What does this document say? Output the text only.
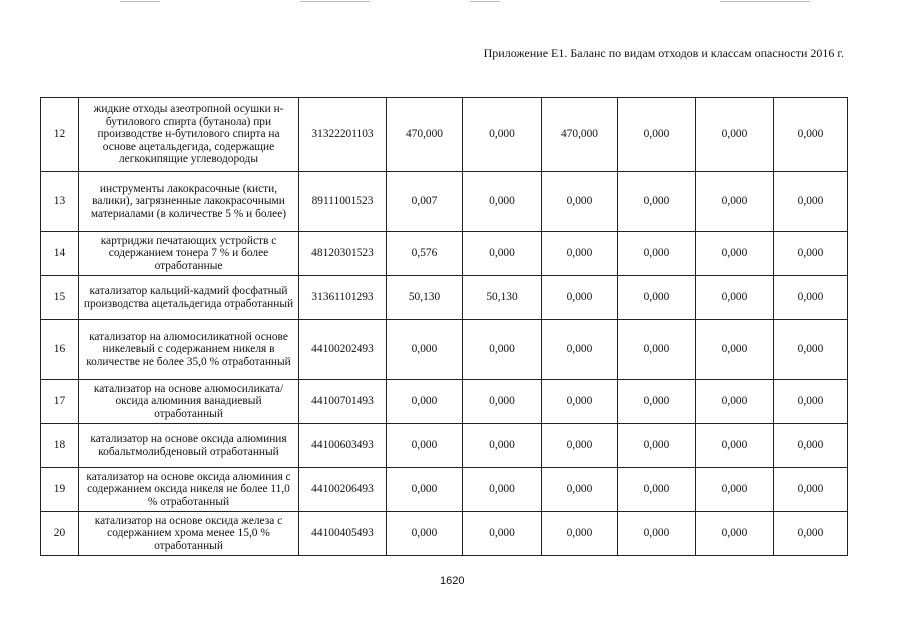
Приложение Е1. Баланс по видам отходов и классам опасности 2016 г.
12	жидкие отходы азеотропной осушки н-бутилового спирта (бутанола) при производстве н-бутилового спирта на основе ацетальдегида, содержащие легкокипящие углеводороды	31322201103	470,000	0,000	470,000	0,000	0,000	0,000
13	инструменты лакокрасочные (кисти, валики), загрязненные лакокрасочными материалами (в количестве 5 % и более)	89111001523	0,007	0,000	0,000	0,000	0,000	0,000
14	картриджи печатающих устройств с содержанием тонера 7 % и более отработанные	48120301523	0,576	0,000	0,000	0,000	0,000	0,000
15	катализатор кальций-кадмий фосфатный производства ацетальдегида отработанный	31361101293	50,130	50,130	0,000	0,000	0,000	0,000
16	катализатор на алюмосиликатной основе никелевый с содержанием никеля в количестве не более 35,0 % отработанный	44100202493	0,000	0,000	0,000	0,000	0,000	0,000
17	катализатор на основе алюмосиликата/оксида алюминия ванадиевый отработанный	44100701493	0,000	0,000	0,000	0,000	0,000	0,000
18	катализатор на основе оксида алюминия кобальтмолибденовый отработанный	44100603493	0,000	0,000	0,000	0,000	0,000	0,000
19	катализатор на основе оксида алюминия с содержанием оксида никеля не более 11,0 % отработанный	44100206493	0,000	0,000	0,000	0,000	0,000	0,000
20	катализатор на основе оксида железа с содержанием хрома менее 15,0 % отработанный	44100405493	0,000	0,000	0,000	0,000	0,000	0,000
1620
